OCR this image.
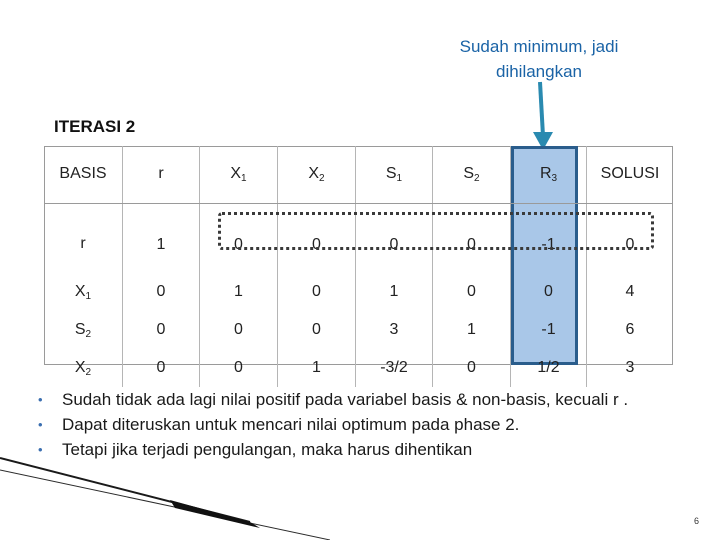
Sudah minimum, jadi
dihilangkan
ITERASI 2
BASIS	r	$X_1$	$X_2$	$S_1$	$S_2$	$R_3$	SOLUSI
r	1	0	0	0	0	-1	0
$X_1$	0	1	0	1	0	0	4
$S_2$	0	0	0	3	1	-1	6
$X_2$	0	0	1	-3/2	0	1/2	3
• Sudah tidak ada lagi nilai positif pada variabel basis & non-basis, kecuali r .
• Dapat diteruskan untuk mencari nilai optimum pada phase 2.
• Tetapi jika terjadi pengulangan, maka harus dihentikan
6
